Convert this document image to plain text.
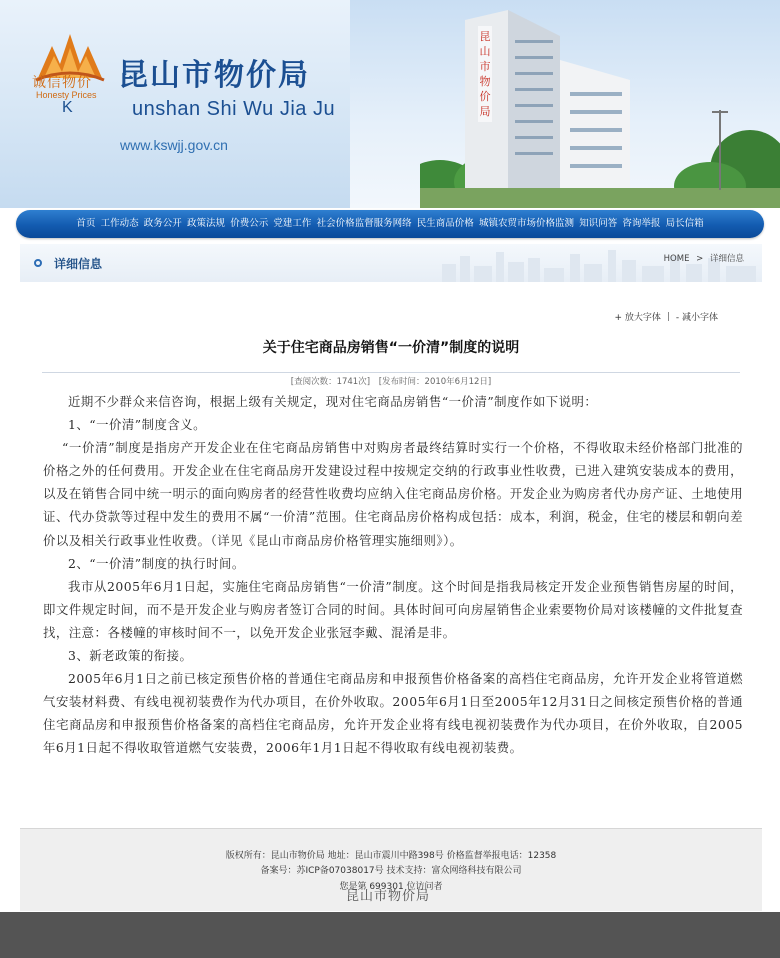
诚信物价
Honesty Prices
K
昆山市物价局
unshan Shi Wu Jia Ju
www.kswjj.gov.cn
昆
山
市
物
价
局
首页 工作动态 政务公开 政策法规 价费公示 党建工作 社会价格监督服务网络 民生商品价格 城镇农贸市场价格监测 知识问答 咨询举报 局长信箱
详细信息	HOME > 详细信息
+ 放大字体 | - 减小字体
关于住宅商品房销售“一价清”制度的说明
[查阅次数：1741次] [发布时间：2010年6月12日]

近期不少群众来信咨询，根据上级有关规定，现对住宅商品房销售“一价清”制度作如下说明：

1、“一价清”制度含义。

“一价清”制度是指房产开发企业在住宅商品房销售中对购房者最终结算时实行一个价格，不得收取未经价格部门批准的价格之外的任何费用。开发企业在住宅商品房开发建设过程中按规定交纳的行政事业性收费，已进入建筑安装成本的费用，以及在销售合同中统一明示的面向购房者的经营性收费均应纳入住宅商品房价格。开发企业为购房者代办房产证、土地使用证、代办贷款等过程中发生的费用不属“一价清”范围。住宅商品房价格构成包括：成本，利润，税金，住宅的楼层和朝向差价以及相关行政事业性收费。（详见《昆山市商品房价格管理实施细则》）。

2、“一价清”制度的执行时间。

我市从2005年6月1日起，实施住宅商品房销售“一价清”制度。这个时间是指我局核定开发企业预售销售房屋的时间，即文件规定时间，而不是开发企业与购房者签订合同的时间。具体时间可向房屋销售企业索要物价局对该楼幢的文件批复查找，注意：各楼幢的审核时间不一，以免开发企业张冠李戴、混淆是非。

3、新老政策的衔接。

2005年6月1日之前已核定预售价格的普通住宅商品房和申报预售价格备案的高档住宅商品房，允许开发企业将管道燃气安装材料费、有线电视初装费作为代办项目，在价外收取。2005年6月1日至2005年12月31日之间核定预售价格的普通住宅商品房和申报预售价格备案的高档住宅商品房，允许开发企业将有线电视初装费作为代办项目，在价外收取，自2005年6月1日起不得收取管道燃气安装费，2006年1月1日起不得收取有线电视初装费。

版权所有：昆山市物价局 地址：昆山市震川中路398号 价格监督举报电话：12358
备案号：苏ICP备07038017号 技术支持：富众网络科技有限公司
您是第 699301 位访问者
昆山市物价局
